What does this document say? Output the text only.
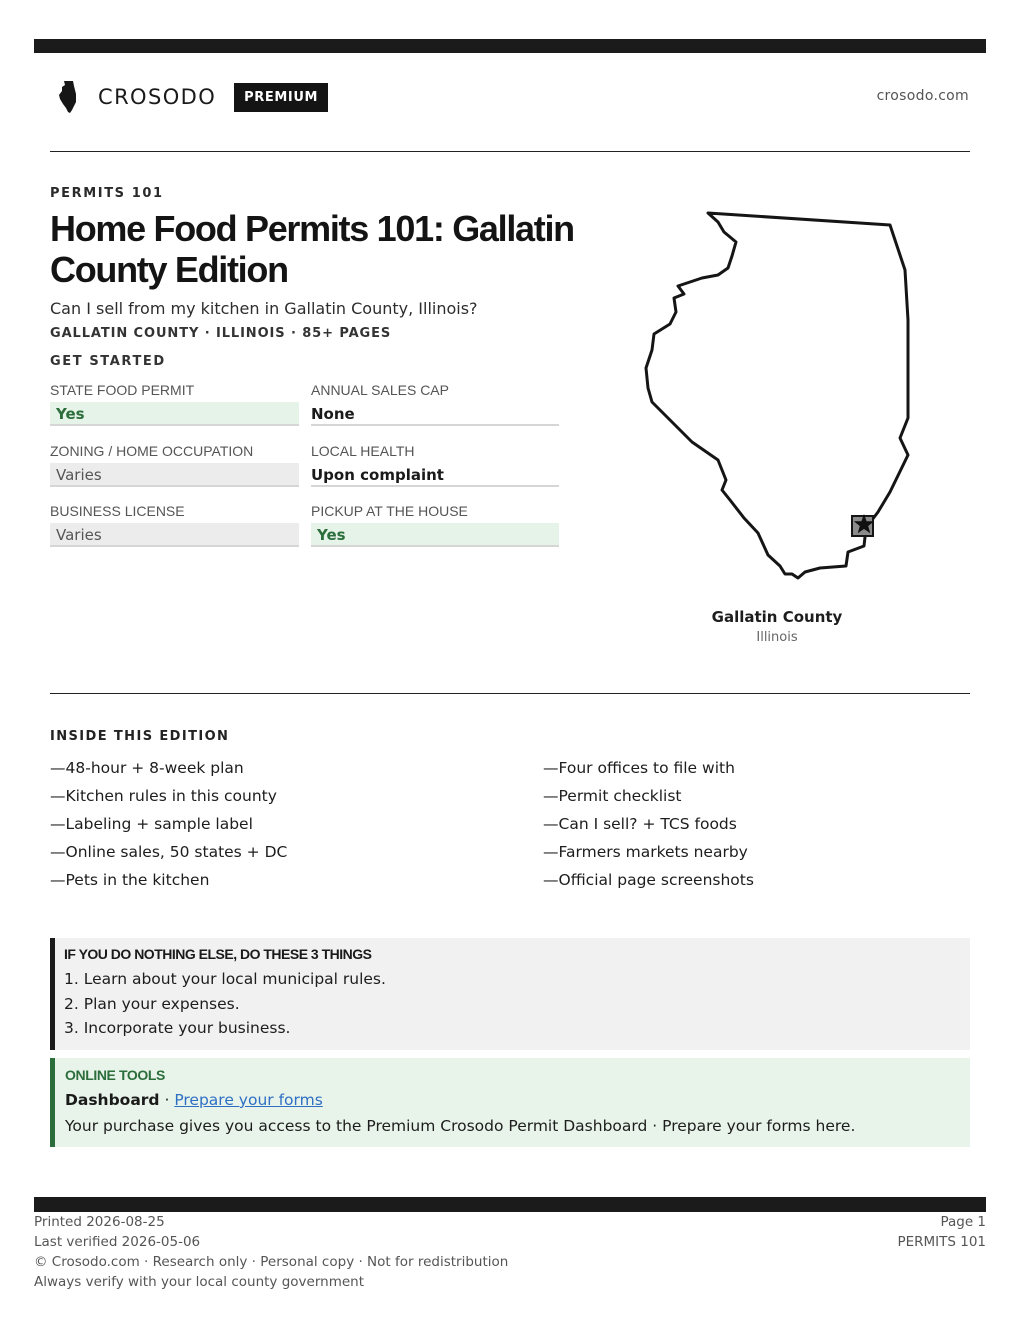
CROSODO	PREMIUM	crosodo.com
PERMITS 101
Home Food Permits 101: Gallatin County Edition
Can I sell from my kitchen in Gallatin County, Illinois?
GALLATIN COUNTY · ILLINOIS · 85+ PAGES
GET STARTED
STATE FOOD PERMIT
Yes
ANNUAL SALES CAP
None
ZONING / HOME OCCUPATION
Varies
LOCAL HEALTH
Upon complaint
BUSINESS LICENSE
Varies
PICKUP AT THE HOUSE
Yes
Gallatin County
Illinois
INSIDE THIS EDITION
—48-hour + 8-week plan
—Kitchen rules in this county
—Labeling + sample label
—Online sales, 50 states + DC
—Pets in the kitchen
—Four offices to file with
—Permit checklist
—Can I sell? + TCS foods
—Farmers markets nearby
—Official page screenshots
IF YOU DO NOTHING ELSE, DO THESE 3 THINGS
1. Learn about your local municipal rules.
2. Plan your expenses.
3. Incorporate your business.
ONLINE TOOLS
Dashboard · Prepare your forms
Your purchase gives you access to the Premium Crosodo Permit Dashboard · Prepare your forms here.
Printed 2026-08-25
Last verified 2026-05-06
© Crosodo.com · Research only · Personal copy · Not for redistribution
Always verify with your local county government
Page 1
PERMITS 101
